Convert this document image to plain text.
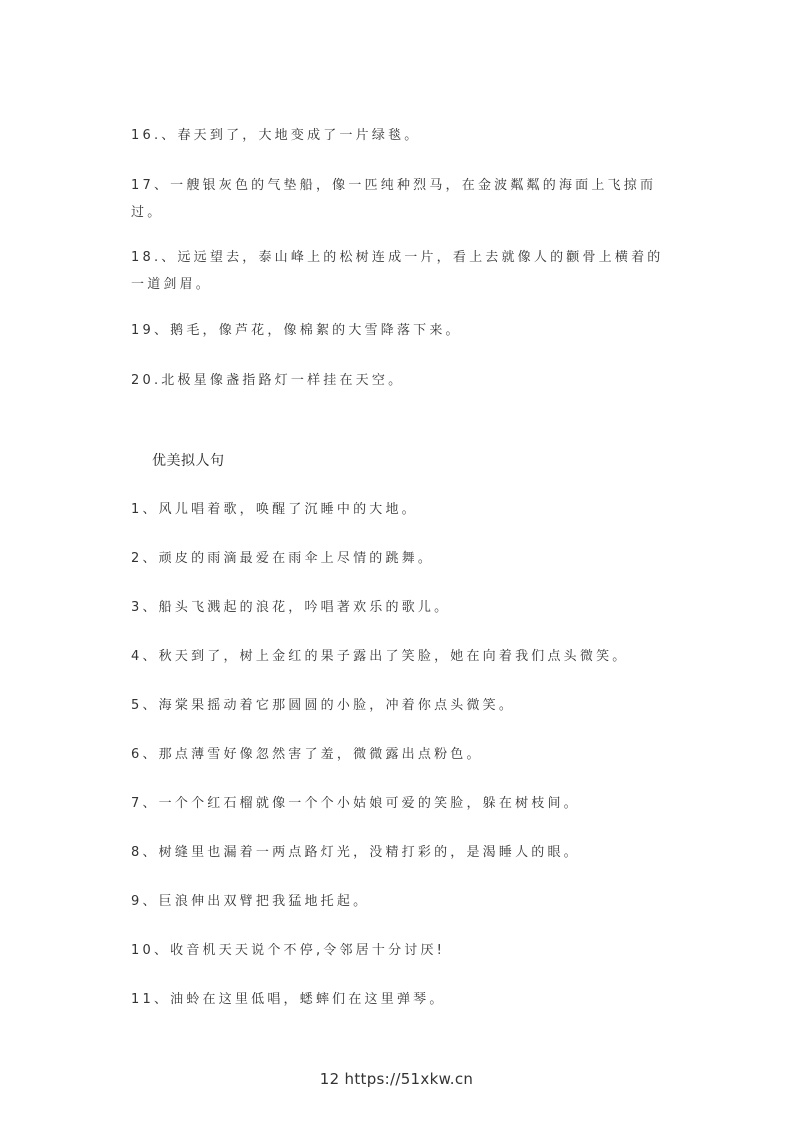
16.、春天到了，大地变成了一片绿毯。

17、一艘银灰色的气垫船，像一匹纯种烈马，在金波粼粼的海面上飞掠而过。

18.、远远望去，泰山峰上的松树连成一片，看上去就像人的颧骨上横着的一道剑眉。

19、鹅毛，像芦花，像棉絮的大雪降落下来。

20.北极星像盏指路灯一样挂在天空。

优美拟人句

1、风儿唱着歌，唤醒了沉睡中的大地。

2、顽皮的雨滴最爱在雨伞上尽情的跳舞。

3、船头飞溅起的浪花，吟唱著欢乐的歌儿。

4、秋天到了，树上金红的果子露出了笑脸，她在向着我们点头微笑。

5、海棠果摇动着它那圆圆的小脸，冲着你点头微笑。

6、那点薄雪好像忽然害了羞，微微露出点粉色。

7、一个个红石榴就像一个个小姑娘可爱的笑脸，躲在树枝间。

8、树缝里也漏着一两点路灯光，没精打彩的，是渴睡人的眼。

9、巨浪伸出双臂把我猛地托起。

10、收音机天天说个不停,令邻居十分讨厌!

11、油蛉在这里低唱，蟋蟀们在这里弹琴。

12 https://51xkw.cn
